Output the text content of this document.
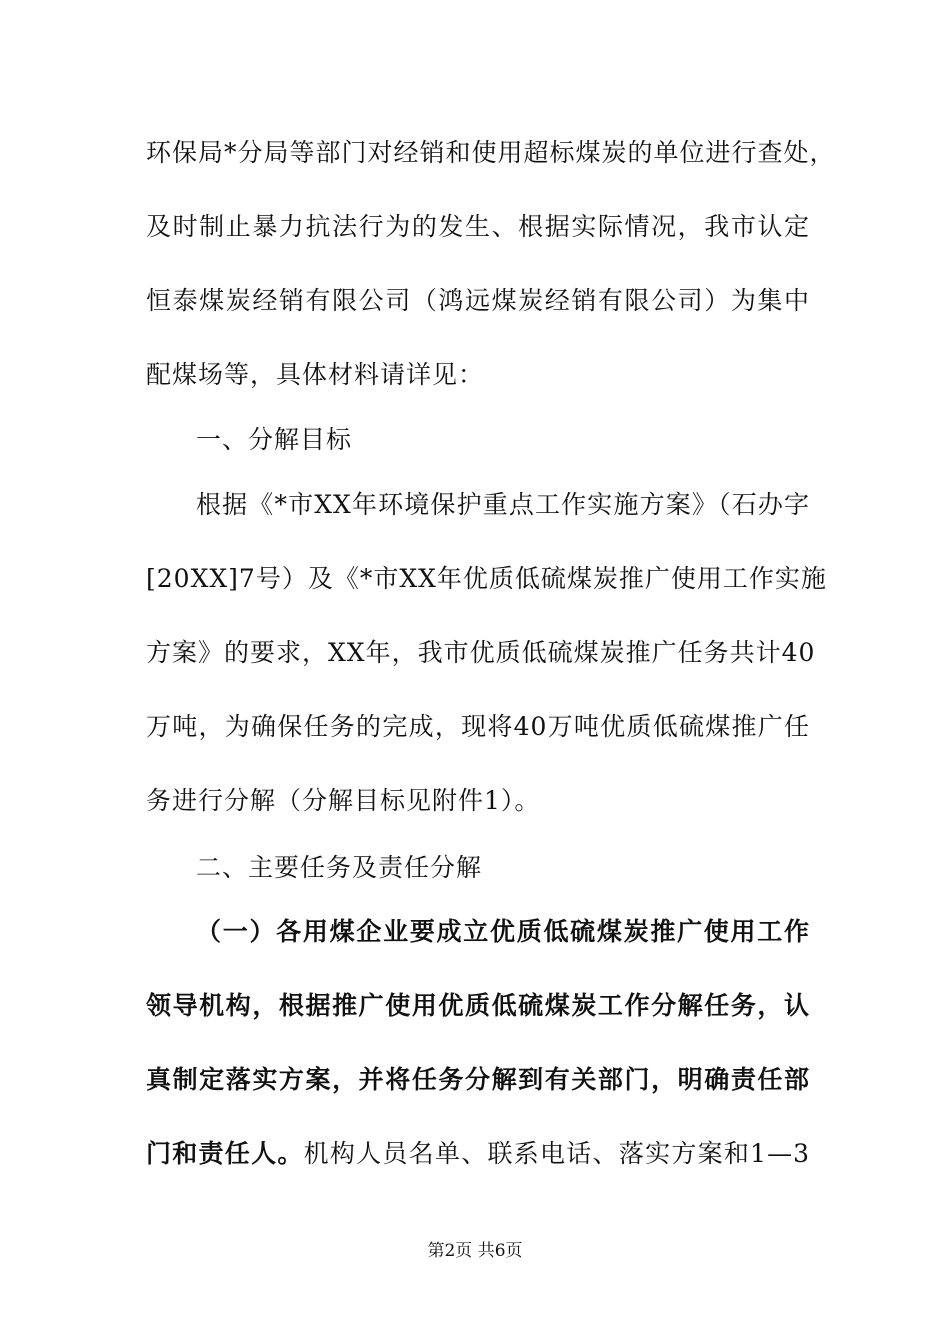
环保局*分局等部门对经销和使用超标煤炭的单位进行查处，
及时制止暴力抗法行为的发生、根据实际情况，我市认定
恒泰煤炭经销有限公司（鸿远煤炭经销有限公司）为集中
配煤场等，具体材料请详见：
一、分解目标
根据《*市XX年环境保护重点工作实施方案》（石办字
[20XX]7号）及《*市XX年优质低硫煤炭推广使用工作实施
方案》的要求，XX年，我市优质低硫煤炭推广任务共计40
万吨，为确保任务的完成，现将40万吨优质低硫煤推广任
务进行分解（分解目标见附件1）。
二、主要任务及责任分解
（一）各用煤企业要成立优质低硫煤炭推广使用工作
领导机构，根据推广使用优质低硫煤炭工作分解任务，认
真制定落实方案，并将任务分解到有关部门，明确责任部
门和责任人。机构人员名单、联系电话、落实方案和1—3
第2页 共6页
